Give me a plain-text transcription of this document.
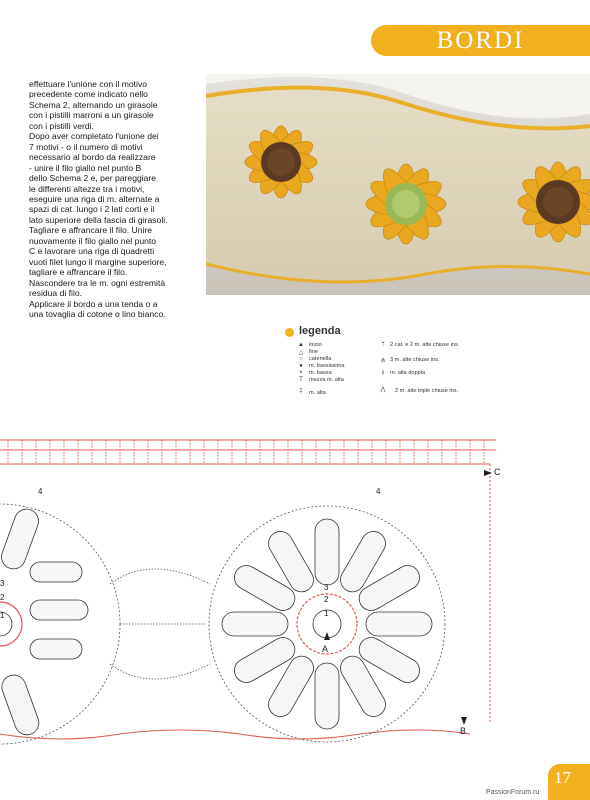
BORDI

effettuare l'unione con il motivo

precedente come indicato nello

Schema 2, alternando un girasole

con i pistilli marroni a un girasole

con i pistilli verdi.

Dopo aver completato l'unione dei

7 motivi - o il numero di motivi

necessario al bordo da realizzare

- unire il filo giallo nel punto B

dello Schema 2 e, per pareggiare

le differenti altezze tra i motivi,

eseguire una riga di m. alternate a

spazi di cat. lungo i 2 lati corti e il

lato superiore della fascia di girasoli.

Tagliare e affrancare il filo. Unire

nuovamente il filo giallo nel punto

C e lavorare una riga di quadretti

vuoti filet lungo il margine superiore,

tagliare e affrancare il filo.

Nascondere tra le m. ogni estremità

residua di filo.

Applicare il bordo a una tenda o a

una tovaglia di cotone o lino bianco.

legenda
▲ inizio
△	fine
○	catenella
●	m. bassissima
×	m. bassa
T	mezza m. alta
‡	m. alta
ᛘ 2 cat. e 2 m. alte chiuse ins.
⋔ 3 m. alte chiuse ins.
⫲	m. alta doppia
⋀ 2 m. alte triple chiuse ins.
C
B
A
4	4
3
2
1
3
2
1
17
PassionForum.ru
